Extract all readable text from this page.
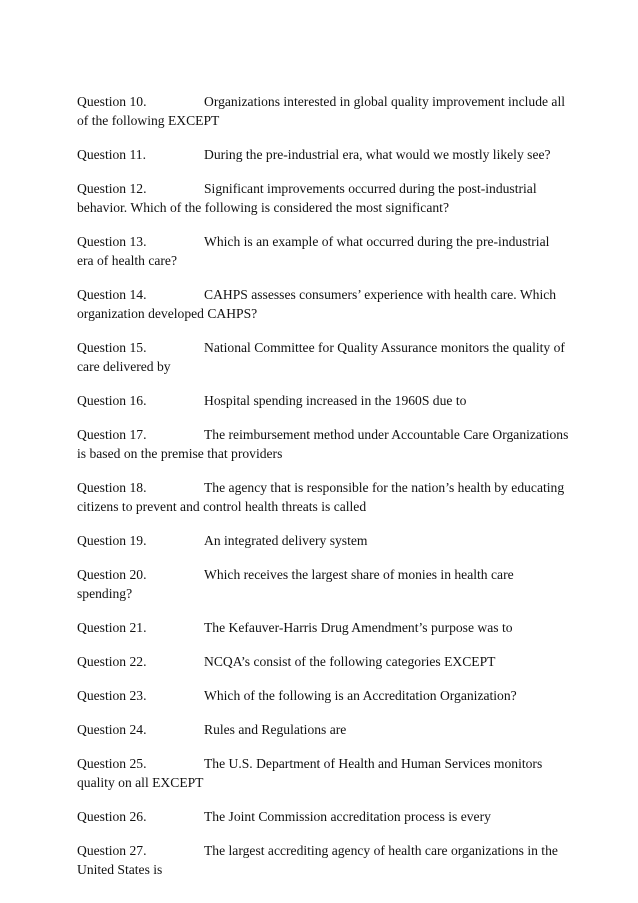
Question 10.	Organizations interested in global quality improvement include all of the following EXCEPT

Question 11.	During the pre-industrial era, what would we mostly likely see?

Question 12.	Significant improvements occurred during the post-industrial behavior. Which of the following is considered the most significant?

Question 13.	Which is an example of what occurred during the pre-industrial era of health care?

Question 14.	CAHPS assesses consumers’ experience with health care. Which organization developed CAHPS?

Question 15.	National Committee for Quality Assurance monitors the quality of care delivered by

Question 16.	Hospital spending increased in the 1960S due to

Question 17.	The reimbursement method under Accountable Care Organizations is based on the premise that providers

Question 18.	The agency that is responsible for the nation’s health by educating citizens to prevent and control health threats is called

Question 19.	An integrated delivery system

Question 20.	Which receives the largest share of monies in health care spending?

Question 21.	The Kefauver-Harris Drug Amendment’s purpose was to

Question 22.	NCQA’s consist of the following categories EXCEPT

Question 23.	Which of the following is an Accreditation Organization?

Question 24.	Rules and Regulations are

Question 25.	The U.S. Department of Health and Human Services monitors quality on all EXCEPT

Question 26.	The Joint Commission accreditation process is every

Question 27.	The largest accrediting agency of health care organizations in the United States is
